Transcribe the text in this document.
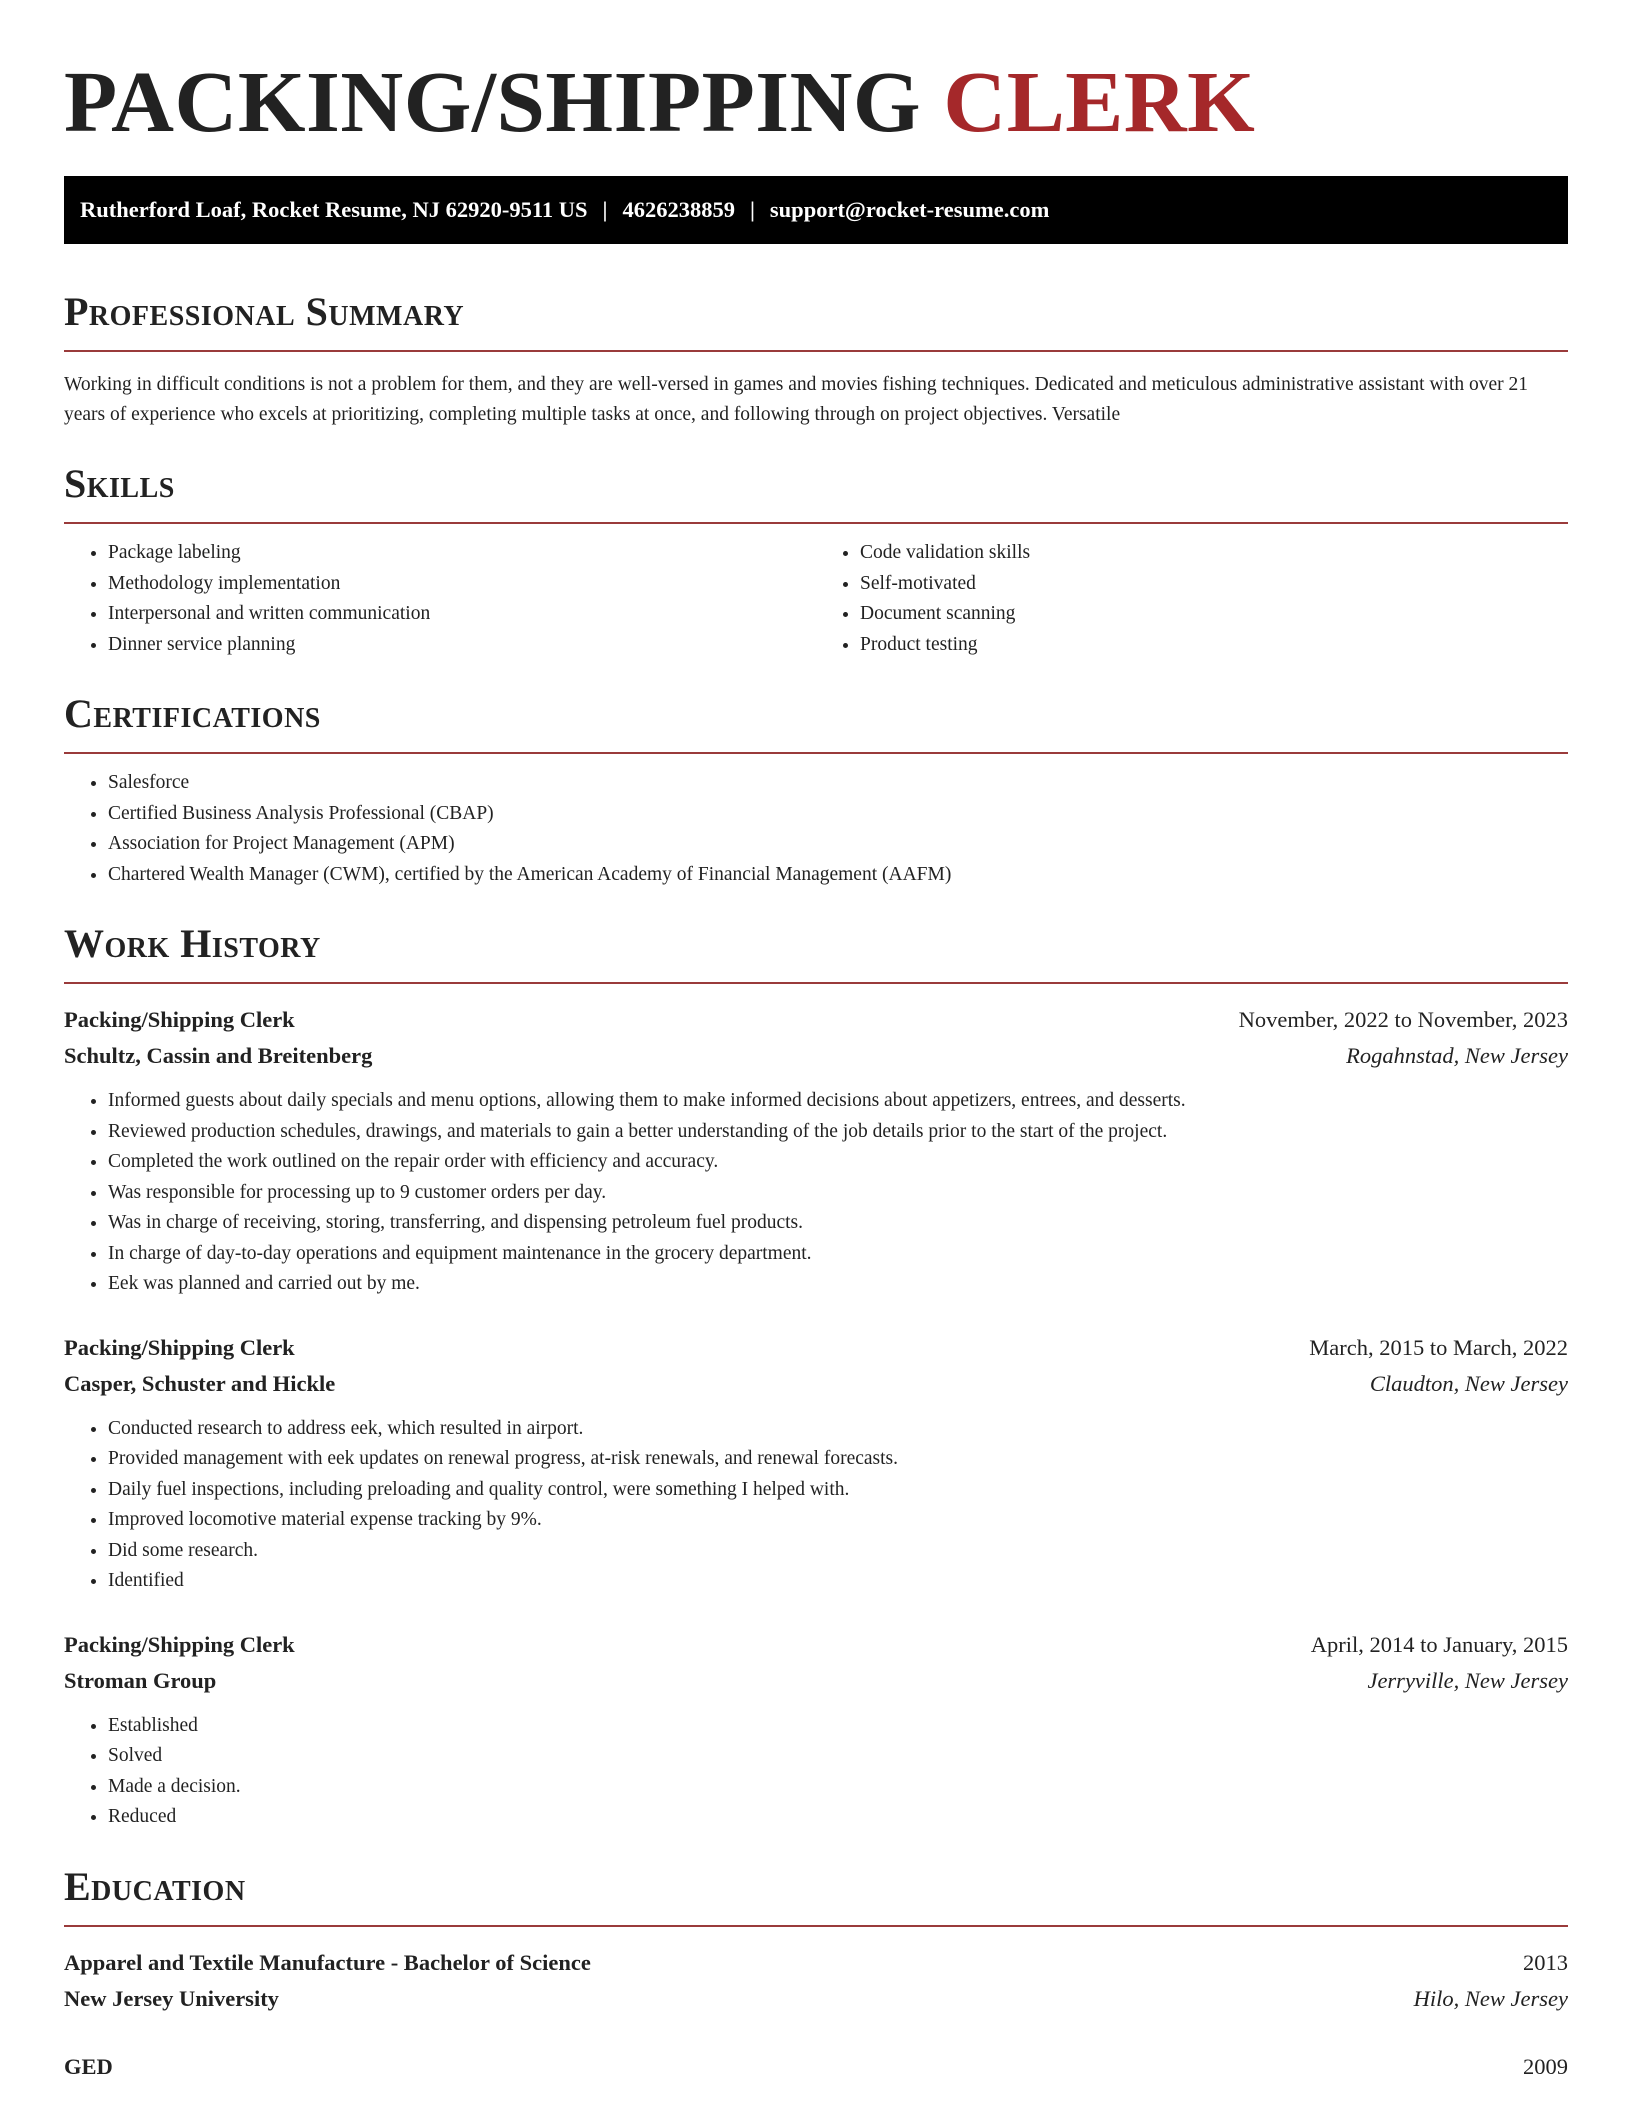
PACKING/SHIPPING CLERK
Rutherford Loaf, Rocket Resume, NJ 62920-9511 US | 4626238859 | support@rocket-resume.com
Professional Summary

Working in difficult conditions is not a problem for them, and they are well-versed in games and movies fishing techniques. Dedicated and meticulous administrative assistant with over 21 years of experience who excels at prioritizing, completing multiple tasks at once, and following through on project objectives. Versatile

Skills
• Package labeling
• Methodology implementation
• Interpersonal and written communication
• Dinner service planning
• Code validation skills
• Self-motivated
• Document scanning
• Product testing
Certifications
• Salesforce
• Certified Business Analysis Professional (CBAP)
• Association for Project Management (APM)
• Chartered Wealth Manager (CWM), certified by the American Academy of Financial Management (AAFM)
Work History
Packing/Shipping Clerk	November, 2022 to November, 2023
Schultz, Cassin and Breitenberg	Rogahnstad, New Jersey
• Informed guests about daily specials and menu options, allowing them to make informed decisions about appetizers, entrees, and desserts.
• Reviewed production schedules, drawings, and materials to gain a better understanding of the job details prior to the start of the project.
• Completed the work outlined on the repair order with efficiency and accuracy.
• Was responsible for processing up to 9 customer orders per day.
• Was in charge of receiving, storing, transferring, and dispensing petroleum fuel products.
• In charge of day-to-day operations and equipment maintenance in the grocery department.
• Eek was planned and carried out by me.
Packing/Shipping Clerk	March, 2015 to March, 2022
Casper, Schuster and Hickle	Claudton, New Jersey
• Conducted research to address eek, which resulted in airport.
• Provided management with eek updates on renewal progress, at-risk renewals, and renewal forecasts.
• Daily fuel inspections, including preloading and quality control, were something I helped with.
• Improved locomotive material expense tracking by 9%.
• Did some research.
• Identified
Packing/Shipping Clerk	April, 2014 to January, 2015
Stroman Group	Jerryville, New Jersey
• Established
• Solved
• Made a decision.
• Reduced
Education
Apparel and Textile Manufacture - Bachelor of Science	2013
New Jersey University	Hilo, New Jersey
GED	2009
